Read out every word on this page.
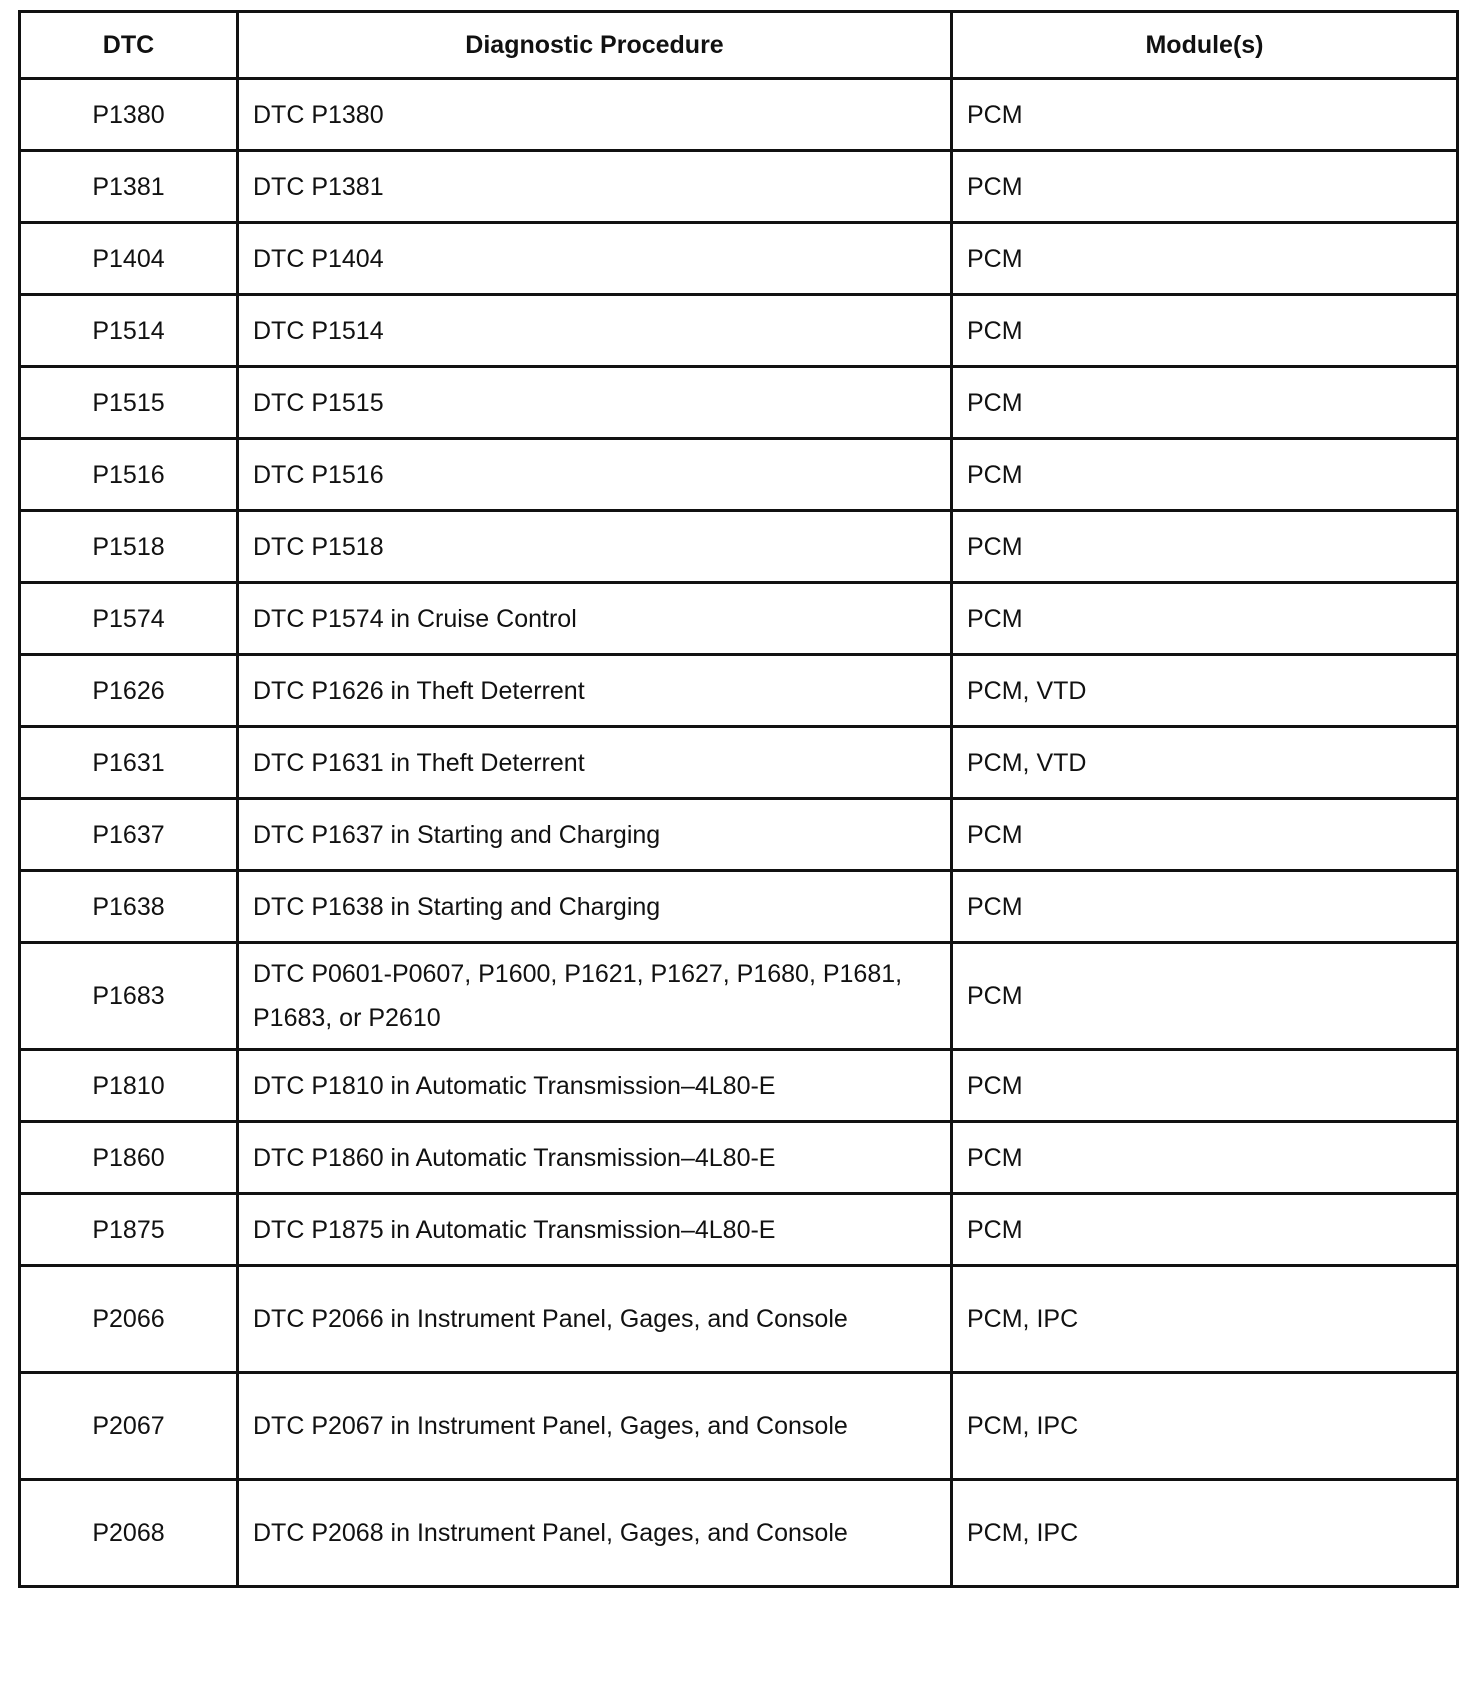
DTC	Diagnostic Procedure	Module(s)
P1380	DTC P1380	PCM
P1381	DTC P1381	PCM
P1404	DTC P1404	PCM
P1514	DTC P1514	PCM
P1515	DTC P1515	PCM
P1516	DTC P1516	PCM
P1518	DTC P1518	PCM
P1574	DTC P1574 in Cruise Control	PCM
P1626	DTC P1626 in Theft Deterrent	PCM, VTD
P1631	DTC P1631 in Theft Deterrent	PCM, VTD
P1637	DTC P1637 in Starting and Charging	PCM
P1638	DTC P1638 in Starting and Charging	PCM
P1683	DTC P0601-P0607, P1600, P1621, P1627, P1680, P1681, P1683, or P2610	PCM
P1810	DTC P1810 in Automatic Transmission–4L80-E	PCM
P1860	DTC P1860 in Automatic Transmission–4L80-E	PCM
P1875	DTC P1875 in Automatic Transmission–4L80-E	PCM
P2066	DTC P2066 in Instrument Panel, Gages, and Console	PCM, IPC
P2067	DTC P2067 in Instrument Panel, Gages, and Console	PCM, IPC
P2068	DTC P2068 in Instrument Panel, Gages, and Console	PCM, IPC
